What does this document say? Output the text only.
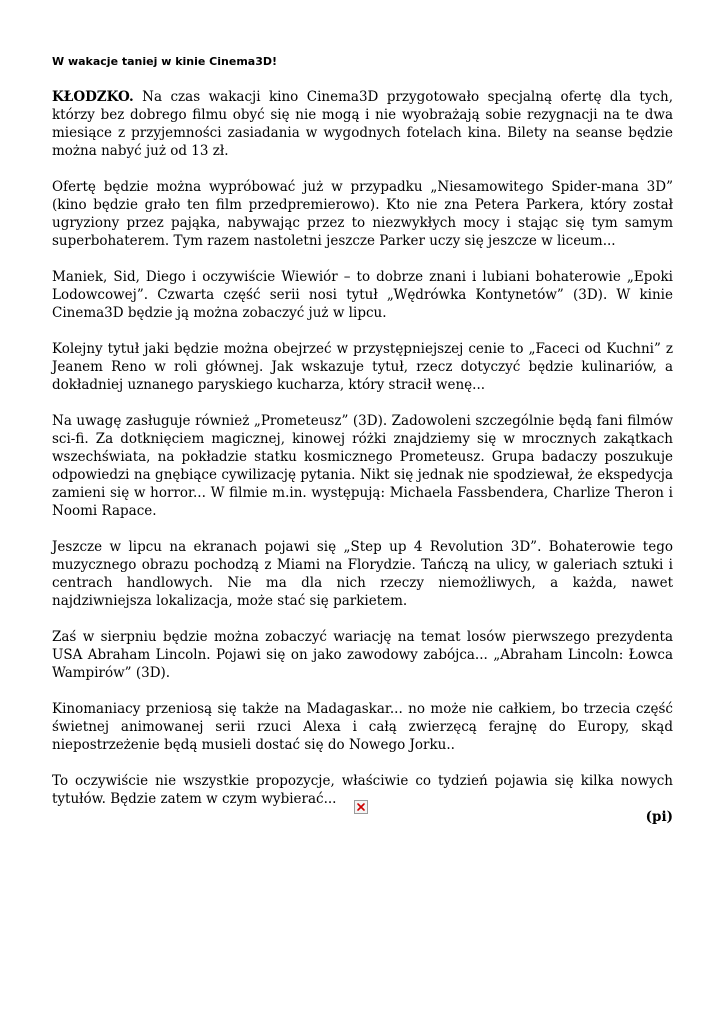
W wakacje taniej w kinie Cinema3D!

KŁODZKO. Na czas wakacji kino Cinema3D przygotowało specjalną ofertę dla tych, którzy bez dobrego filmu obyć się nie mogą i nie wyobrażają sobie rezygnacji na te dwa miesiące z przyjemności zasiadania w wygodnych fotelach kina. Bilety na seanse będzie można nabyć już od 13 zł.

Ofertę będzie można wypróbować już w przypadku „Niesamowitego Spider-mana 3D” (kino będzie grało ten film przedpremierowo). Kto nie zna Petera Parkera, który został ugryziony przez pająka, nabywając przez to niezwykłych mocy i stając się tym samym superbohaterem. Tym razem nastoletni jeszcze Parker uczy się jeszcze w liceum...

Maniek, Sid, Diego i oczywiście Wiewiór – to dobrze znani i lubiani bohaterowie „Epoki Lodowcowej”. Czwarta część serii nosi tytuł „Wędrówka Kontynetów” (3D). W kinie Cinema3D będzie ją można zobaczyć już w lipcu.

Kolejny tytuł jaki będzie można obejrzeć w przystępniejszej cenie to „Faceci od Kuchni” z Jeanem Reno w roli głównej. Jak wskazuje tytuł, rzecz dotyczyć będzie kulinariów, a dokładniej uznanego paryskiego kucharza, który stracił wenę...

Na uwagę zasługuje również „Prometeusz” (3D). Zadowoleni szczególnie będą fani filmów sci-fi. Za dotknięciem magicznej, kinowej różki znajdziemy się w mrocznych zakątkach wszechświata, na pokładzie statku kosmicznego Prometeusz. Grupa badaczy poszukuje odpowiedzi na gnębiące cywilizację pytania. Nikt się jednak nie spodziewał, że ekspedycja zamieni się w horror... W filmie m.in. występują: Michaela Fassbendera, Charlize Theron i Noomi Rapace.

Jeszcze w lipcu na ekranach pojawi się „Step up 4 Revolution 3D”. Bohaterowie tego muzycznego obrazu pochodzą z Miami na Florydzie. Tańczą na ulicy, w galeriach sztuki i centrach handlowych. Nie ma dla nich rzeczy niemożliwych, a każda, nawet najdziwniejsza lokalizacja, może stać się parkietem.

Zaś w sierpniu będzie można zobaczyć wariację na temat losów pierwszego prezydenta USA Abraham Lincoln. Pojawi się on jako zawodowy zabójca... „Abraham Lincoln: Łowca Wampirów” (3D).

Kinomaniacy przeniosą się także na Madagaskar... no może nie całkiem, bo trzecia część świetnej animowanej serii rzuci Alexa i całą zwierzęcą ferajnę do Europy, skąd niepostrzeżenie będą musieli dostać się do Nowego Jorku..

To oczywiście nie wszystkie propozycje, właściwie co tydzień pojawia się kilka nowych tytułów. Będzie zatem w czym wybierać...

(pi)
